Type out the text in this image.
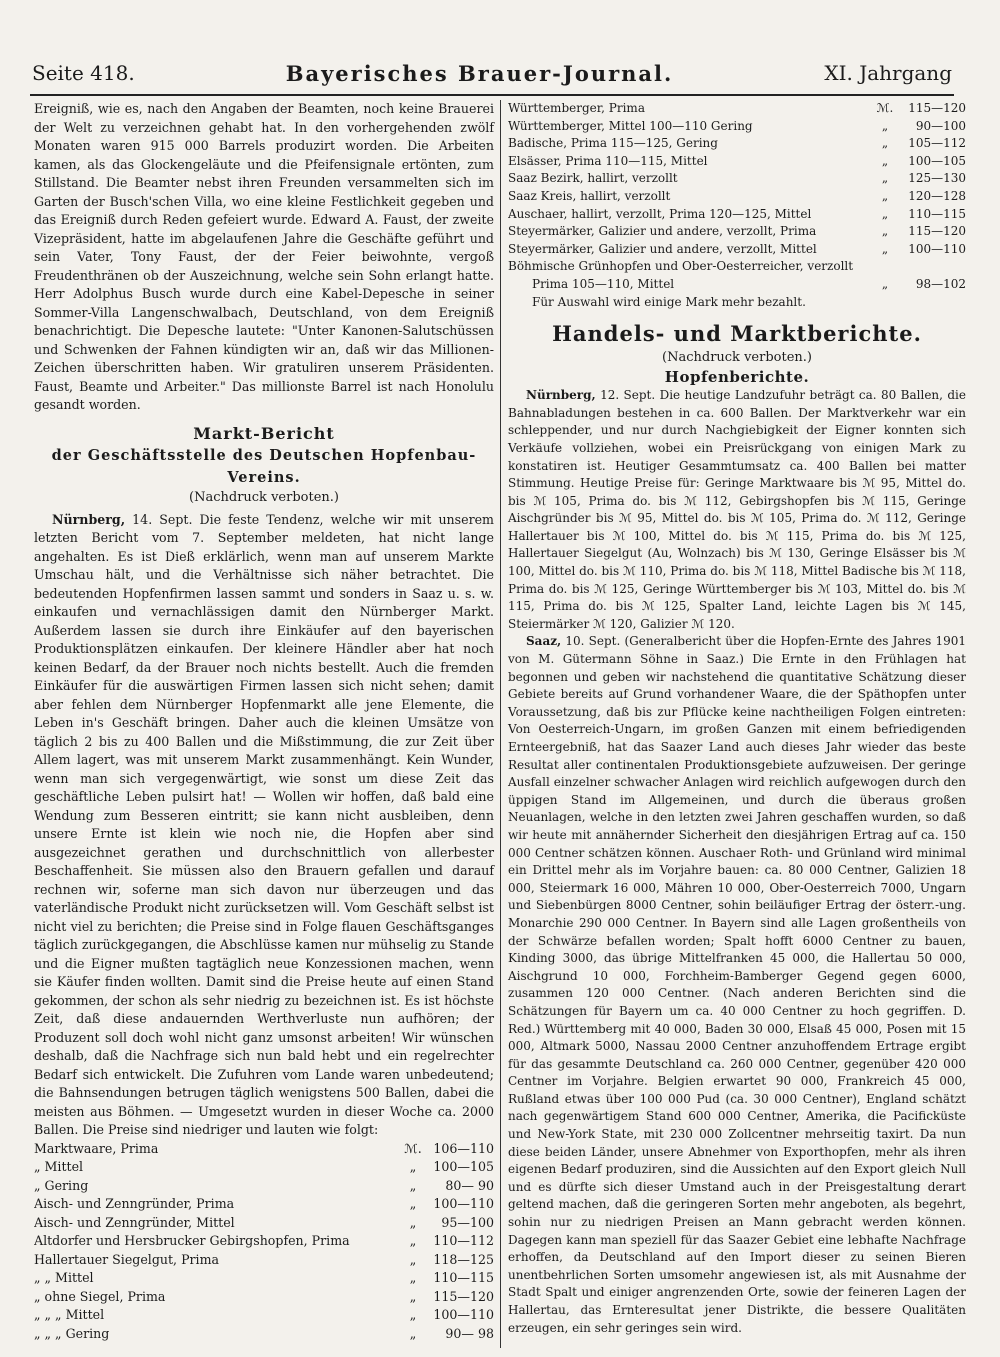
Seite 418.	Bayerisches Brauer-Journal.	XI. Jahrgang

Ereigniß, wie es, nach den Angaben der Beamten, noch keine Brauerei der Welt zu verzeichnen gehabt hat. In den vorhergehenden zwölf Monaten waren 915 000 Barrels produzirt worden. Die Arbeiten kamen, als das Glockengeläute und die Pfeifensignale ertönten, zum Stillstand. Die Beamter nebst ihren Freunden versammelten sich im Garten der Busch'schen Villa, wo eine kleine Festlichkeit gegeben und das Ereigniß durch Reden gefeiert wurde. Edward A. Faust, der zweite Vizepräsident, hatte im abgelaufenen Jahre die Geschäfte geführt und sein Vater, Tony Faust, der der Feier beiwohnte, vergoß Freudenthränen ob der Auszeichnung, welche sein Sohn erlangt hatte. Herr Adolphus Busch wurde durch eine Kabel-Depesche in seiner Sommer-Villa Langenschwalbach, Deutschland, von dem Ereigniß benachrichtigt. Die Depesche lautete: "Unter Kanonen-Salutschüssen und Schwenken der Fahnen kündigten wir an, daß wir das Millionen-Zeichen überschritten haben. Wir gratuliren unserem Präsidenten. Faust, Beamte und Arbeiter." Das millionste Barrel ist nach Honolulu gesandt worden.

Markt-Bericht
der Geschäftsstelle des Deutschen Hopfenbau-Vereins.
(Nachdruck verboten.)

Nürnberg, 14. Sept. Die feste Tendenz, welche wir mit unserem letzten Bericht vom 7. September meldeten, hat nicht lange angehalten. Es ist Dieß erklärlich, wenn man auf unserem Markte Umschau hält, und die Verhältnisse sich näher betrachtet. Die bedeutenden Hopfenfirmen lassen sammt und sonders in Saaz u. s. w. einkaufen und vernachlässigen damit den Nürnberger Markt. Außerdem lassen sie durch ihre Einkäufer auf den bayerischen Produktionsplätzen einkaufen. Der kleinere Händler aber hat noch keinen Bedarf, da der Brauer noch nichts bestellt. Auch die fremden Einkäufer für die auswärtigen Firmen lassen sich nicht sehen; damit aber fehlen dem Nürnberger Hopfenmarkt alle jene Elemente, die Leben in's Geschäft bringen. Daher auch die kleinen Umsätze von täglich 2 bis zu 400 Ballen und die Mißstimmung, die zur Zeit über Allem lagert, was mit unserem Markt zusammenhängt. Kein Wunder, wenn man sich vergegenwärtigt, wie sonst um diese Zeit das geschäftliche Leben pulsirt hat! — Wollen wir hoffen, daß bald eine Wendung zum Besseren eintritt; sie kann nicht ausbleiben, denn unsere Ernte ist klein wie noch nie, die Hopfen aber sind ausgezeichnet gerathen und durchschnittlich von allerbester Beschaffenheit. Sie müssen also den Brauern gefallen und darauf rechnen wir, soferne man sich davon nur überzeugen und das vaterländische Produkt nicht zurücksetzen will. Vom Geschäft selbst ist nicht viel zu berichten; die Preise sind in Folge flauen Geschäftsganges täglich zurückgegangen, die Abschlüsse kamen nur mühselig zu Stande und die Eigner mußten tagtäglich neue Konzessionen machen, wenn sie Käufer finden wollten. Damit sind die Preise heute auf einen Stand gekommen, der schon als sehr niedrig zu bezeichnen ist. Es ist höchste Zeit, daß diese andauernden Werthverluste nun aufhören; der Produzent soll doch wohl nicht ganz umsonst arbeiten! Wir wünschen deshalb, daß die Nachfrage sich nun bald hebt und ein regelrechter Bedarf sich entwickelt. Die Zufuhren vom Lande waren unbedeutend; die Bahnsendungen betrugen täglich wenigstens 500 Ballen, dabei die meisten aus Böhmen. — Umgesetzt wurden in dieser Woche ca. 2000 Ballen. Die Preise sind niedriger und lauten wie folgt:

Marktwaare, Prima	ℳ. 106—110
„ Mittel	„	100—105
„ Gering	„	80— 90
Aisch- und Zenngründer, Prima	„	100—110
Aisch- und Zenngründer, Mittel	„	95—100
Altdorfer und Hersbrucker Gebirgshopfen, Prima	„	110—112
Hallertauer Siegelgut, Prima	„	118—125
„ „ Mittel	„	110—115
„ ohne Siegel, Prima	„	115—120
„ „ „ Mittel	„	100—110
„ „ „ Gering	„	90— 98
Württemberger, Prima	ℳ.	115—120
Württemberger, Mittel 100—110 Gering	„	90—100
Badische, Prima 115—125, Gering	„	105—112
Elsässer, Prima 110—115, Mittel	„	100—105
Saaz Bezirk, hallirt, verzollt	„	125—130
Saaz Kreis, hallirt, verzollt	„	120—128
Auschaer, hallirt, verzollt, Prima 120—125, Mittel	„	110—115
Steyermärker, Galizier und andere, verzollt, Prima	„	115—120
Steyermärker, Galizier und andere, verzollt, Mittel	„	100—110
Böhmische Grünhopfen und Ober-Oesterreicher, verzollt
Prima 105—110, Mittel	„	98—102
Für Auswahl wird einige Mark mehr bezahlt.
Handels- und Marktberichte.
(Nachdruck verboten.)
Hopfenberichte.

Nürnberg, 12. Sept. Die heutige Landzufuhr beträgt ca. 80 Ballen, die Bahnabladungen bestehen in ca. 600 Ballen. Der Marktverkehr war ein schleppender, und nur durch Nachgiebigkeit der Eigner konnten sich Verkäufe vollziehen, wobei ein Preisrückgang von einigen Mark zu konstatiren ist. Heutiger Gesammtumsatz ca. 400 Ballen bei matter Stimmung. Heutige Preise für: Geringe Marktwaare bis ℳ 95, Mittel do. bis ℳ 105, Prima do. bis ℳ 112, Gebirgshopfen bis ℳ 115, Geringe Aischgründer bis ℳ 95, Mittel do. bis ℳ 105, Prima do. ℳ 112, Geringe Hallertauer bis ℳ 100, Mittel do. bis ℳ 115, Prima do. bis ℳ 125, Hallertauer Siegelgut (Au, Wolnzach) bis ℳ 130, Geringe Elsässer bis ℳ 100, Mittel do. bis ℳ 110, Prima do. bis ℳ 118, Mittel Badische bis ℳ 118, Prima do. bis ℳ 125, Geringe Württemberger bis ℳ 103, Mittel do. bis ℳ 115, Prima do. bis ℳ 125, Spalter Land, leichte Lagen bis ℳ 145, Steiermärker ℳ 120, Galizier ℳ 120.

Saaz, 10. Sept. (Generalbericht über die Hopfen-Ernte des Jahres 1901 von M. Gütermann Söhne in Saaz.) Die Ernte in den Frühlagen hat begonnen und geben wir nachstehend die quantitative Schätzung dieser Gebiete bereits auf Grund vorhandener Waare, die der Späthopfen unter Voraussetzung, daß bis zur Pflücke keine nachtheiligen Folgen eintreten: Von Oesterreich-Ungarn, im großen Ganzen mit einem befriedigenden Ernteergebniß, hat das Saazer Land auch dieses Jahr wieder das beste Resultat aller continentalen Produktionsgebiete aufzuweisen. Der geringe Ausfall einzelner schwacher Anlagen wird reichlich aufgewogen durch den üppigen Stand im Allgemeinen, und durch die überaus großen Neuanlagen, welche in den letzten zwei Jahren geschaffen wurden, so daß wir heute mit annähernder Sicherheit den diesjährigen Ertrag auf ca. 150 000 Centner schätzen können. Auschaer Roth- und Grünland wird minimal ein Drittel mehr als im Vorjahre bauen: ca. 80 000 Centner, Galizien 18 000, Steiermark 16 000, Mähren 10 000, Ober-Oesterreich 7000, Ungarn und Siebenbürgen 8000 Centner, sohin beiläufiger Ertrag der österr.-ung. Monarchie 290 000 Centner. In Bayern sind alle Lagen großentheils von der Schwärze befallen worden; Spalt hofft 6000 Centner zu bauen, Kinding 3000, das übrige Mittelfranken 45 000, die Hallertau 50 000, Aischgrund 10 000, Forchheim-Bamberger Gegend gegen 6000, zusammen 120 000 Centner. (Nach anderen Berichten sind die Schätzungen für Bayern um ca. 40 000 Centner zu hoch gegriffen. D. Red.) Württemberg mit 40 000, Baden 30 000, Elsaß 45 000, Posen mit 15 000, Altmark 5000, Nassau 2000 Centner anzuhoffendem Ertrage ergibt für das gesammte Deutschland ca. 260 000 Centner, gegenüber 420 000 Centner im Vorjahre. Belgien erwartet 90 000, Frankreich 45 000, Rußland etwas über 100 000 Pud (ca. 30 000 Centner), England schätzt nach gegenwärtigem Stand 600 000 Centner, Amerika, die Pacificküste und New-York State, mit 230 000 Zollcentner mehrseitig taxirt. Da nun diese beiden Länder, unsere Abnehmer von Exporthopfen, mehr als ihren eigenen Bedarf produziren, sind die Aussichten auf den Export gleich Null und es dürfte sich dieser Umstand auch in der Preisgestaltung derart geltend machen, daß die geringeren Sorten mehr angeboten, als begehrt, sohin nur zu niedrigen Preisen an Mann gebracht werden können. Dagegen kann man speziell für das Saazer Gebiet eine lebhafte Nachfrage erhoffen, da Deutschland auf den Import dieser zu seinen Bieren unentbehrlichen Sorten umsomehr angewiesen ist, als mit Ausnahme der Stadt Spalt und einiger angrenzenden Orte, sowie der feineren Lagen der Hallertau, das Ernteresultat jener Distrikte, die bessere Qualitäten erzeugen, ein sehr geringes sein wird.
